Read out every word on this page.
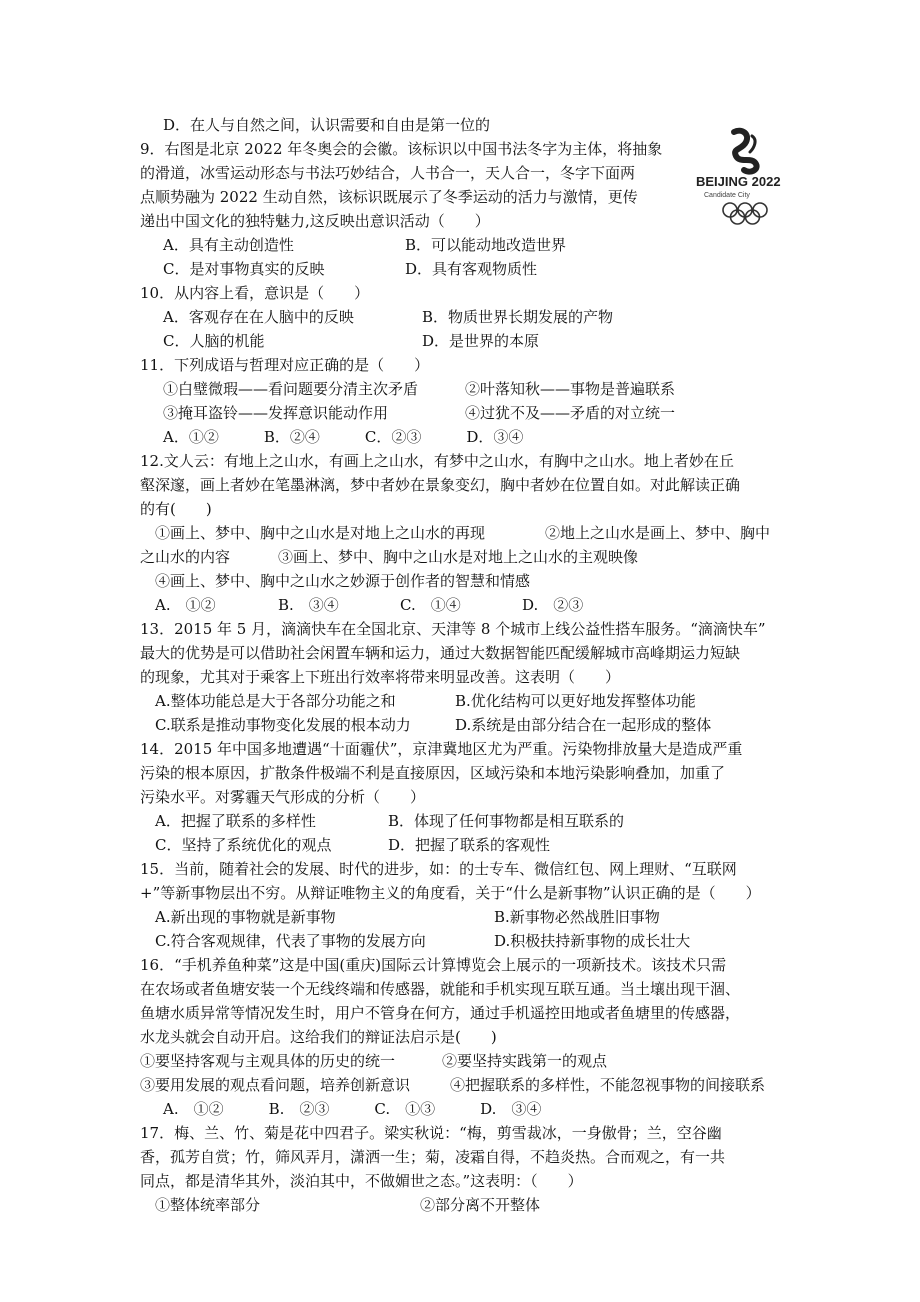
D．在人与自然之间，认识需要和自由是第一位的
9．右图是北京 2022 年冬奥会的会徽。该标识以中国书法冬字为主体，将抽象
的滑道，冰雪运动形态与书法巧妙结合，人书合一，天人合一，冬字下面两
点顺势融为 2022 生动自然，该标识既展示了冬季运动的活力与激情，更传
递出中国文化的独特魅力,这反映出意识活动（　　）
BEIJING 2022
Candidate City
A．具有主动创造性	B．可以能动地改造世界
C．是对事物真实的反映	D．具有客观物质性
10．从内容上看，意识是（　　）
A．客观存在在人脑中的反映	B．物质世界长期发展的产物
C．人脑的机能	D．是世界的本原
11．下列成语与哲理对应正确的是（　　）
①白璧微瑕——看问题要分清主次矛盾	②叶落知秋——事物是普遍联系
③掩耳盗铃——发挥意识能动作用	④过犹不及——矛盾的对立统一
A．①②　　　B．②④　　　C．②③　　　D．③④
12.文人云：有地上之山水，有画上之山水，有梦中之山水，有胸中之山水。地上者妙在丘
壑深邃，画上者妙在笔墨淋漓，梦中者妙在景象变幻，胸中者妙在位置自如。对此解读正确
的有(　　)
①画上、梦中、胸中之山水是对地上之山水的再现	②地上之山水是画上、梦中、胸中
之山水的内容	③画上、梦中、胸中之山水是对地上之山水的主观映像
④画上、梦中、胸中之山水之妙源于创作者的智慧和情感
A.　①②	B.　③④	C.　①④	D.　②③
13．2015 年 5 月，滴滴快车在全国北京、天津等 8 个城市上线公益性搭车服务。“滴滴快车”
最大的优势是可以借助社会闲置车辆和运力，通过大数据智能匹配缓解城市高峰期运力短缺
的现象，尤其对于乘客上下班出行效率将带来明显改善。这表明（　　）
A.整体功能总是大于各部分功能之和	B.优化结构可以更好地发挥整体功能
C.联系是推动事物变化发展的根本动力	D.系统是由部分结合在一起形成的整体
14．2015 年中国多地遭遇“十面霾伏”，京津冀地区尤为严重。污染物排放量大是造成严重
污染的根本原因，扩散条件极端不利是直接原因，区域污染和本地污染影响叠加，加重了
污染水平。对雾霾天气形成的分析（　　）
A．把握了联系的多样性	B．体现了任何事物都是相互联系的
C．坚持了系统优化的观点	D．把握了联系的客观性
15．当前，随着社会的发展、时代的进步，如：的士专车、微信红包、网上理财、“互联网
+”等新事物层出不穷。从辩证唯物主义的角度看，关于“什么是新事物”认识正确的是（　　）
A.新出现的事物就是新事物	B.新事物必然战胜旧事物
C.符合客观规律，代表了事物的发展方向	D.积极扶持新事物的成长壮大
16．“手机养鱼种菜”这是中国(重庆)国际云计算博览会上展示的一项新技术。该技术只需
在农场或者鱼塘安装一个无线终端和传感器，就能和手机实现互联互通。当土壤出现干涸、
鱼塘水质异常等情况发生时，用户不管身在何方，通过手机遥控田地或者鱼塘里的传感器，
水龙头就会自动开启。这给我们的辩证法启示是(　　)
①要坚持客观与主观具体的历史的统一	②要坚持实践第一的观点
③要用发展的观点看问题，培养创新意识	④把握联系的多样性，不能忽视事物的间接联系
A.　①②　　　B.　②③　　　C.　①③　　　D.　③④
17．梅、兰、竹、菊是花中四君子。梁实秋说：“梅，剪雪裁冰，一身傲骨；兰，空谷幽
香，孤芳自赏；竹，筛风弄月，潇洒一生；菊，凌霜自得，不趋炎热。合而观之，有一共
同点，都是清华其外，淡泊其中，不做媚世之态。”这表明：（　　）
①整体统率部分	②部分离不开整体
